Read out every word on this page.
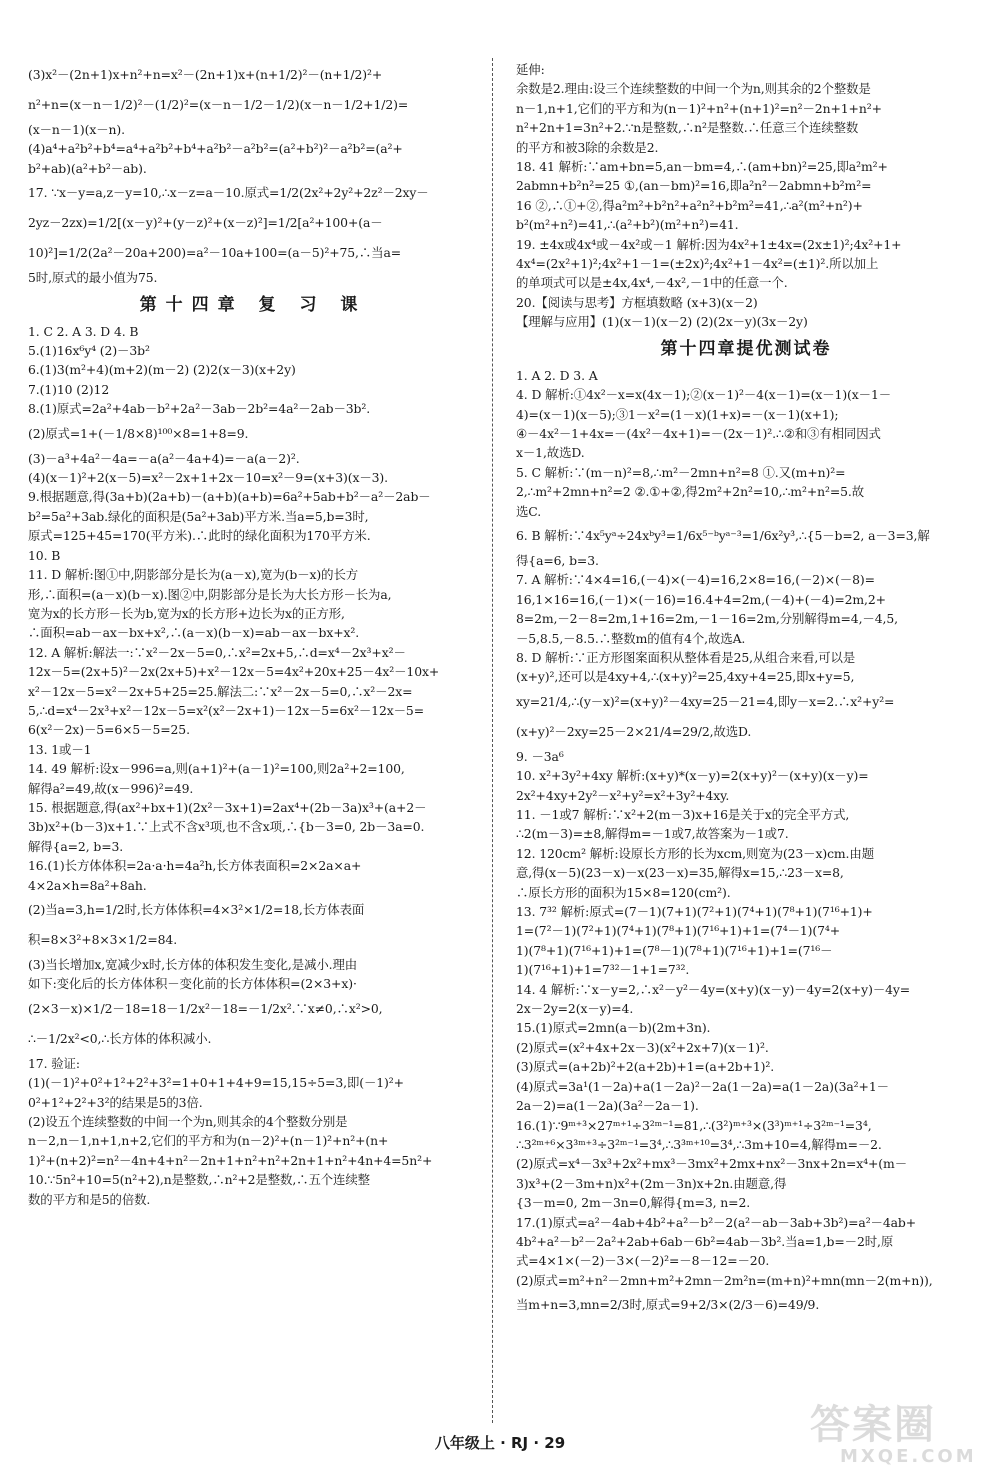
(3)x²－(2n+1)x+n²+n=x²－(2n+1)x+(n+1/2)²－(n+1/2)²+
n²+n=(x－n－1/2)²－(1/2)²=(x－n－1/2－1/2)(x－n－1/2+1/2)=
(x－n－1)(x－n).
(4)a⁴+a²b²+b⁴=a⁴+a²b²+b⁴+a²b²－a²b²=(a²+b²)²－a²b²=(a²+
b²+ab)(a²+b²－ab).
17. ∵x－y=a,z－y=10,∴x－z=a－10.原式=1/2(2x²+2y²+2z²－2xy－
2yz－2zx)=1/2[(x－y)²+(y－z)²+(x－z)²]=1/2[a²+100+(a－
10)²]=1/2(2a²－20a+200)=a²－10a+100=(a－5)²+75,∴当a=
5时,原式的最小值为75.
第十四章 复 习 课
1. C 2. A 3. D 4. B
5.(1)16x⁶y⁴ (2)－3b²
6.(1)3(m²+4)(m+2)(m－2) (2)2(x－3)(x+2y)
7.(1)10 (2)12
8.(1)原式=2a²+4ab－b²+2a²－3ab－2b²=4a²－2ab－3b².
(2)原式=1+(－1/8×8)¹⁰⁰×8=1+8=9.
(3)－a³+4a²－4a=－a(a²－4a+4)=－a(a－2)².
(4)(x－1)²+2(x－5)=x²－2x+1+2x－10=x²－9=(x+3)(x－3).
9.根据题意,得(3a+b)(2a+b)－(a+b)(a+b)=6a²+5ab+b²－a²－2ab－
b²=5a²+3ab.绿化的面积是(5a²+3ab)平方米.当a=5,b=3时,
原式=125+45=170(平方米).∴此时的绿化面积为170平方米.
10. B
11. D 解析:图①中,阴影部分是长为(a－x),宽为(b－x)的长方
形,∴面积=(a－x)(b－x).图②中,阴影部分是长为大长方形－长为a,
宽为x的长方形－长为b,宽为x的长方形+边长为x的正方形,
∴面积=ab－ax－bx+x²,∴(a－x)(b－x)=ab－ax－bx+x².
12. A 解析:解法一:∵x²－2x－5=0,∴x²=2x+5,∴d=x⁴－2x³+x²－
12x－5=(2x+5)²－2x(2x+5)+x²－12x－5=4x²+20x+25－4x²－10x+
x²－12x－5=x²－2x+5+25=25.解法二:∵x²－2x－5=0,∴x²－2x=
5,∴d=x⁴－2x³+x²－12x－5=x²(x²－2x+1)－12x－5=6x²－12x－5=
6(x²－2x)－5=6×5－5=25.
13. 1或－1
14. 49 解析:设x－996=a,则(a+1)²+(a－1)²=100,则2a²+2=100,
解得a²=49,故(x－996)²=49.
15. 根据题意,得(ax²+bx+1)(2x²－3x+1)=2ax⁴+(2b－3a)x³+(a+2－
3b)x²+(b－3)x+1.∵上式不含x³项,也不含x项,∴{b－3=0, 2b－3a=0.
解得{a=2, b=3.
16.(1)长方体体积=2a·a·h=4a²h,长方体表面积=2×2a×a+
4×2a×h=8a²+8ah.
(2)当a=3,h=1/2时,长方体体积=4×3²×1/2=18,长方体表面
积=8×3²+8×3×1/2=84.
(3)当长增加x,宽减少x时,长方体的体积发生变化,是减小.理由
如下:变化后的长方体体积－变化前的长方体体积=(2×3+x)·
(2×3－x)×1/2－18=18－1/2x²－18=－1/2x².∵x≠0,∴x²>0,
∴－1/2x²<0,∴长方体的体积减小.
17. 验证:
(1)(－1)²+0²+1²+2²+3²=1+0+1+4+9=15,15÷5=3,即(－1)²+
0²+1²+2²+3²的结果是5的3倍.
(2)设五个连续整数的中间一个为n,则其余的4个整数分别是
n－2,n－1,n+1,n+2,它们的平方和为(n－2)²+(n－1)²+n²+(n+
1)²+(n+2)²=n²－4n+4+n²－2n+1+n²+n²+2n+1+n²+4n+4=5n²+
10.∵5n²+10=5(n²+2),n是整数,∴n²+2是整数,∴五个连续整
数的平方和是5的倍数.
延伸:
余数是2.理由:设三个连续整数的中间一个为n,则其余的2个整数是
n－1,n+1,它们的平方和为(n－1)²+n²+(n+1)²=n²－2n+1+n²+
n²+2n+1=3n²+2.∵n是整数,∴n²是整数.∴任意三个连续整数
的平方和被3除的余数是2.
18. 41 解析:∵am+bn=5,an－bm=4,∴(am+bn)²=25,即a²m²+
2abmn+b²n²=25 ①,(an－bm)²=16,即a²n²－2abmn+b²m²=
16 ②,∴①+②,得a²m²+b²n²+a²n²+b²m²=41,∴a²(m²+n²)+
b²(m²+n²)=41,∴(a²+b²)(m²+n²)=41.
19. ±4x或4x⁴或－4x²或－1 解析:因为4x²+1±4x=(2x±1)²;4x²+1+
4x⁴=(2x²+1)²;4x²+1－1=(±2x)²;4x²+1－4x²=(±1)².所以加上
的单项式可以是±4x,4x⁴,－4x²,－1中的任意一个.
20.【阅读与思考】方框填数略 (x+3)(x－2)
【理解与应用】(1)(x－1)(x－2) (2)(2x－y)(3x－2y)
第十四章提优测试卷
1. A 2. D 3. A
4. D 解析:①4x²－x=x(4x－1);②(x－1)²－4(x－1)=(x－1)(x－1－
4)=(x－1)(x－5);③1－x²=(1－x)(1+x)=－(x－1)(x+1);
④－4x²－1+4x=－(4x²－4x+1)=－(2x－1)².∴②和③有相同因式
x－1,故选D.
5. C 解析:∵(m－n)²=8,∴m²－2mn+n²=8 ①.又(m+n)²=
2,∴m²+2mn+n²=2 ②.①+②,得2m²+2n²=10,∴m²+n²=5.故
选C.
6. B 解析:∵4x⁵yᵃ÷24xᵇy³=1/6x⁵⁻ᵇyᵃ⁻³=1/6x²y³,∴{5－b=2, a－3=3,解
得{a=6, b=3.
7. A 解析:∵4×4=16,(－4)×(－4)=16,2×8=16,(－2)×(－8)=
16,1×16=16,(－1)×(－16)=16.4+4=2m,(－4)+(－4)=2m,2+
8=2m,－2－8=2m,1+16=2m,－1－16=2m,分别解得m=4,－4,5,
－5,8.5,－8.5.∴整数m的值有4个,故选A.
8. D 解析:∵正方形图案面积从整体看是25,从组合来看,可以是
(x+y)²,还可以是4xy+4,∴(x+y)²=25,4xy+4=25,即x+y=5,
xy=21/4,∴(y－x)²=(x+y)²－4xy=25－21=4,即y－x=2.∴x²+y²=
(x+y)²－2xy=25－2×21/4=29/2,故选D.
9. －3a⁶
10. x²+3y²+4xy 解析:(x+y)*(x－y)=2(x+y)²－(x+y)(x－y)=
2x²+4xy+2y²－x²+y²=x²+3y²+4xy.
11. －1或7 解析:∵x²+2(m－3)x+16是关于x的完全平方式,
∴2(m－3)=±8,解得m=－1或7,故答案为－1或7.
12. 120cm² 解析:设原长方形的长为xcm,则宽为(23－x)cm.由题
意,得(x－5)(23－x)－x(23－x)=35,解得x=15,∴23－x=8,
∴原长方形的面积为15×8=120(cm²).
13. 7³² 解析:原式=(7－1)(7+1)(7²+1)(7⁴+1)(7⁸+1)(7¹⁶+1)+
1=(7²－1)(7²+1)(7⁴+1)(7⁸+1)(7¹⁶+1)+1=(7⁴－1)(7⁴+
1)(7⁸+1)(7¹⁶+1)+1=(7⁸－1)(7⁸+1)(7¹⁶+1)+1=(7¹⁶－
1)(7¹⁶+1)+1=7³²－1+1=7³².
14. 4 解析:∵x－y=2,∴x²－y²－4y=(x+y)(x－y)－4y=2(x+y)－4y=
2x－2y=2(x－y)=4.
15.(1)原式=2mn(a－b)(2m+3n).
(2)原式=(x²+4x+2x－3)(x²+2x+7)(x－1)².
(3)原式=(a+2b)²+2(a+2b)+1=(a+2b+1)².
(4)原式=3a¹(1－2a)+a(1－2a)²－2a(1－2a)=a(1－2a)(3a²+1－
2a－2)=a(1－2a)(3a²－2a－1).
16.(1)∵9ᵐ⁺³×27ᵐ⁺¹÷3²ᵐ⁻¹=81,∴(3²)ᵐ⁺³×(3³)ᵐ⁺¹÷3²ᵐ⁻¹=3⁴,
∴3²ᵐ⁺⁶×3³ᵐ⁺³÷3²ᵐ⁻¹=3⁴,∴3³ᵐ⁺¹⁰=3⁴,∴3m+10=4,解得m=－2.
(2)原式=x⁴－3x³+2x²+mx³－3mx²+2mx+nx²－3nx+2n=x⁴+(m－
3)x³+(2－3m+n)x²+(2m－3n)x+2n.由题意,得
{3－m=0, 2m－3n=0,解得{m=3, n=2.
17.(1)原式=a²－4ab+4b²+a²－b²－2(a²－ab－3ab+3b²)=a²－4ab+
4b²+a²－b²－2a²+2ab+6ab－6b²=4ab－3b².当a=1,b=－2时,原
式=4×1×(－2)－3×(－2)²=－8－12=－20.
(2)原式=m²+n²－2mn+m²+2mn－2m²n=(m+n)²+mn(mn－2(m+n)),
当m+n=3,mn=2/3时,原式=9+2/3×(2/3－6)=49/9.
八年级上 · RJ · 29	答案圈
MXQE.COM
